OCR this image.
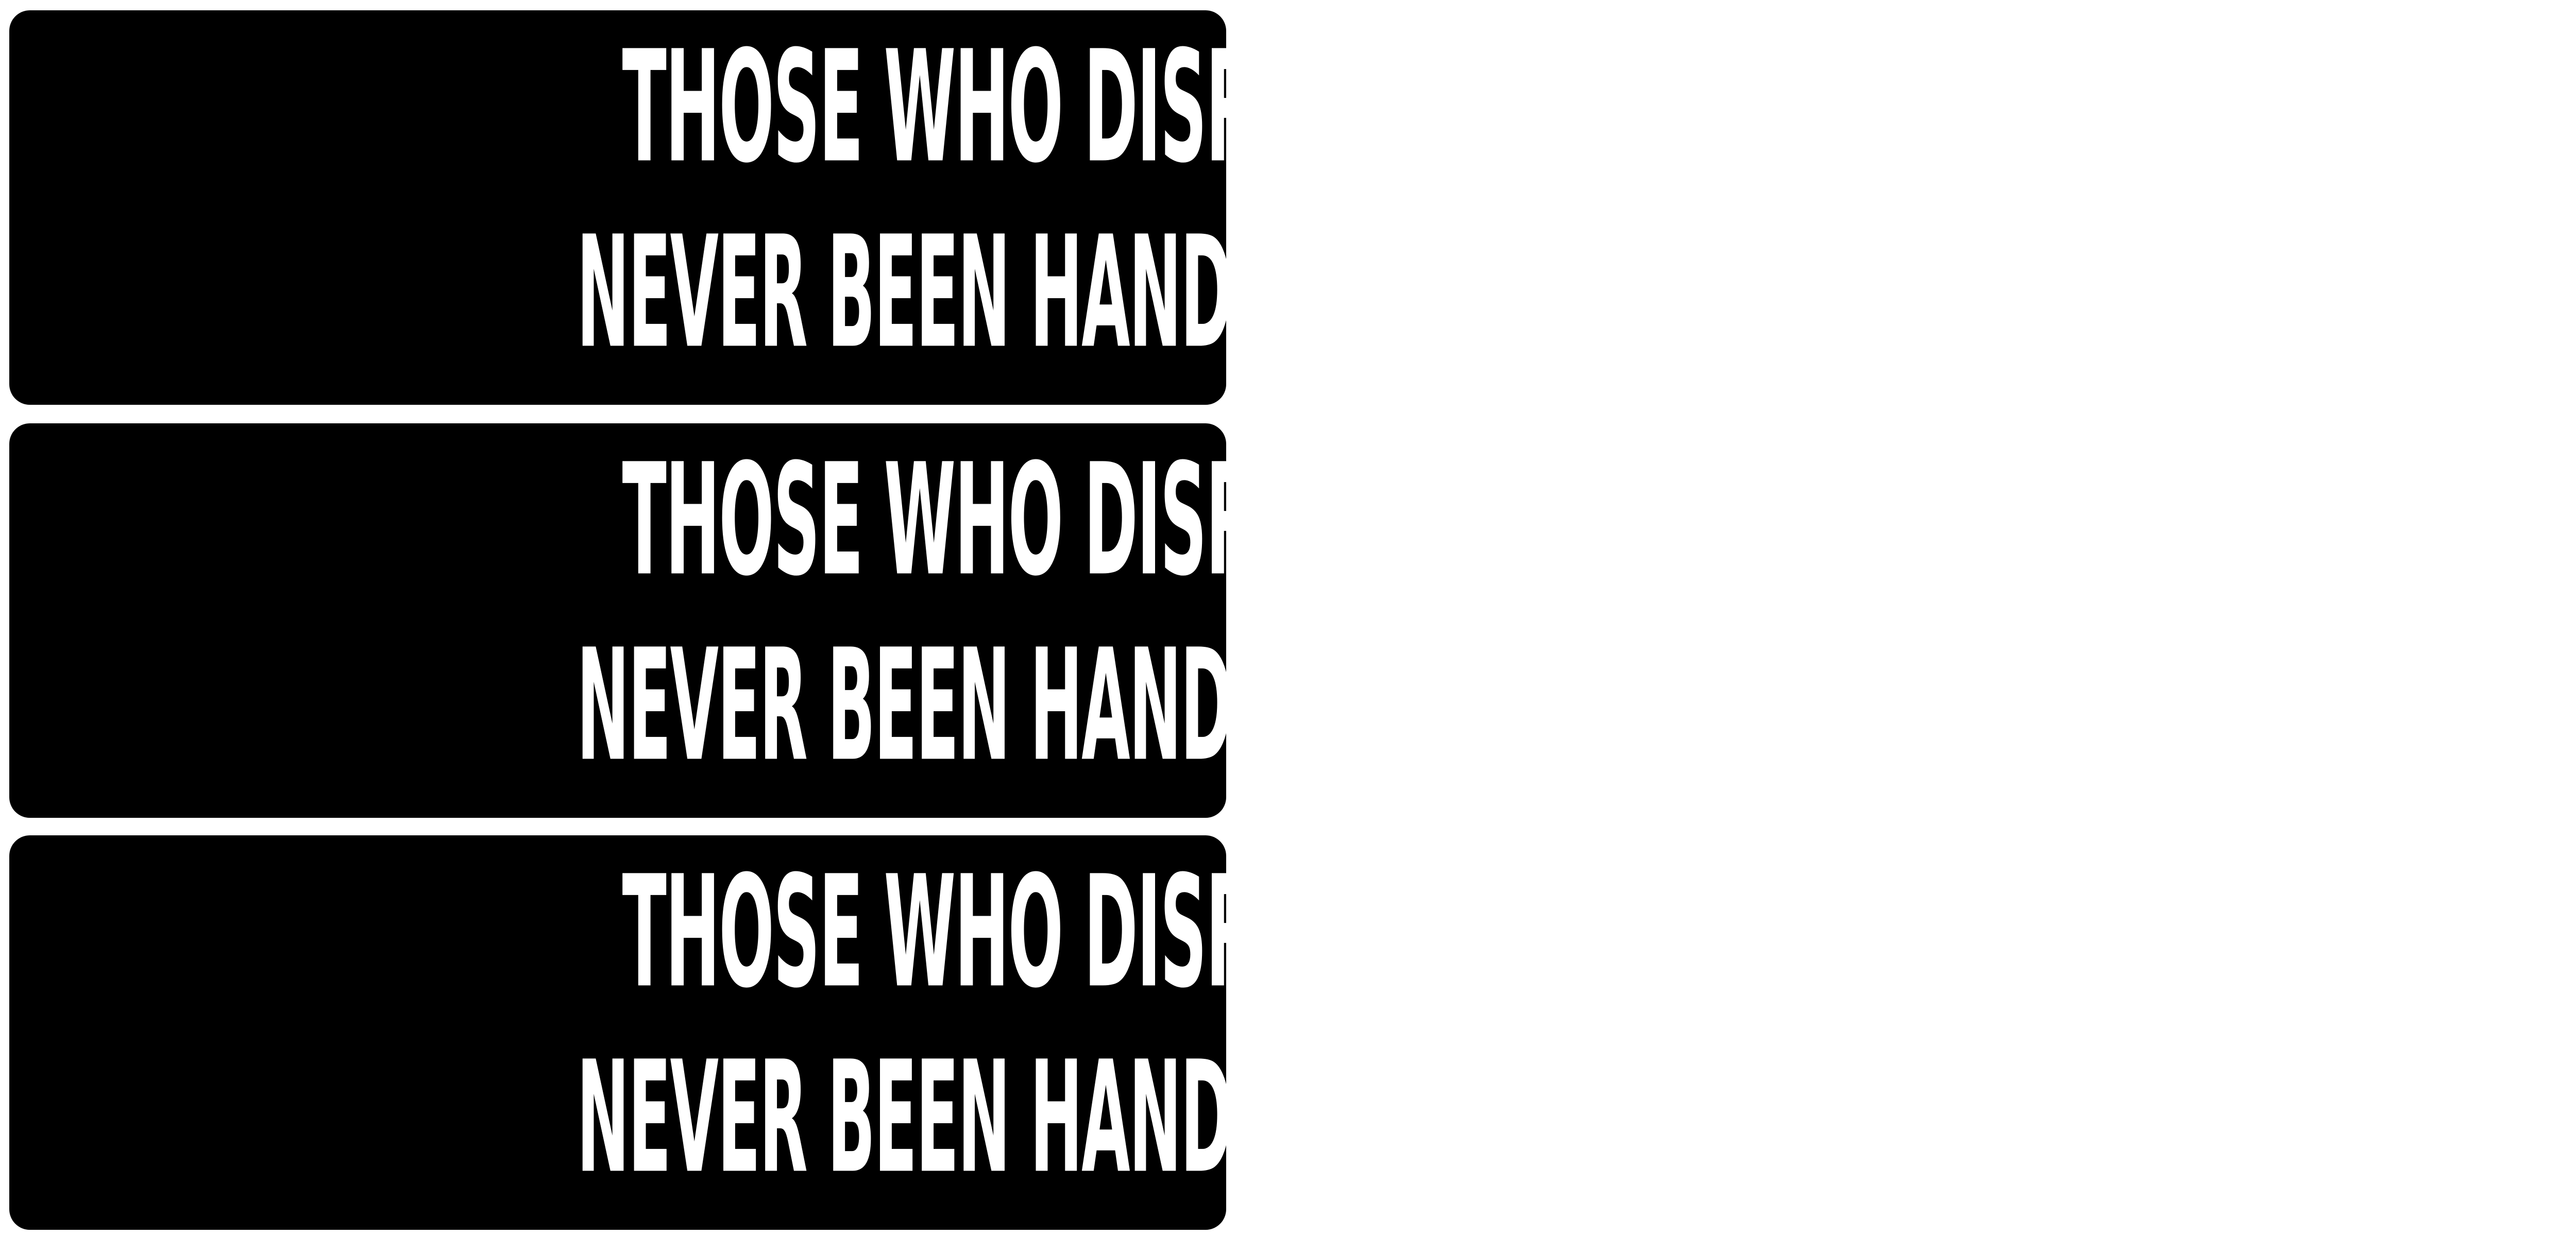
THOSE WHO DISRESPECT OUR FLAG HAVE
NEVER BEEN HANDED A FOLDED ONE
THOSE WHO DISRESPECT OUR FLAG HAVE
NEVER BEEN HANDED A FOLDED ONE
THOSE WHO DISRESPECT OUR FLAG HAVE
NEVER BEEN HANDED A FOLDED ONE
